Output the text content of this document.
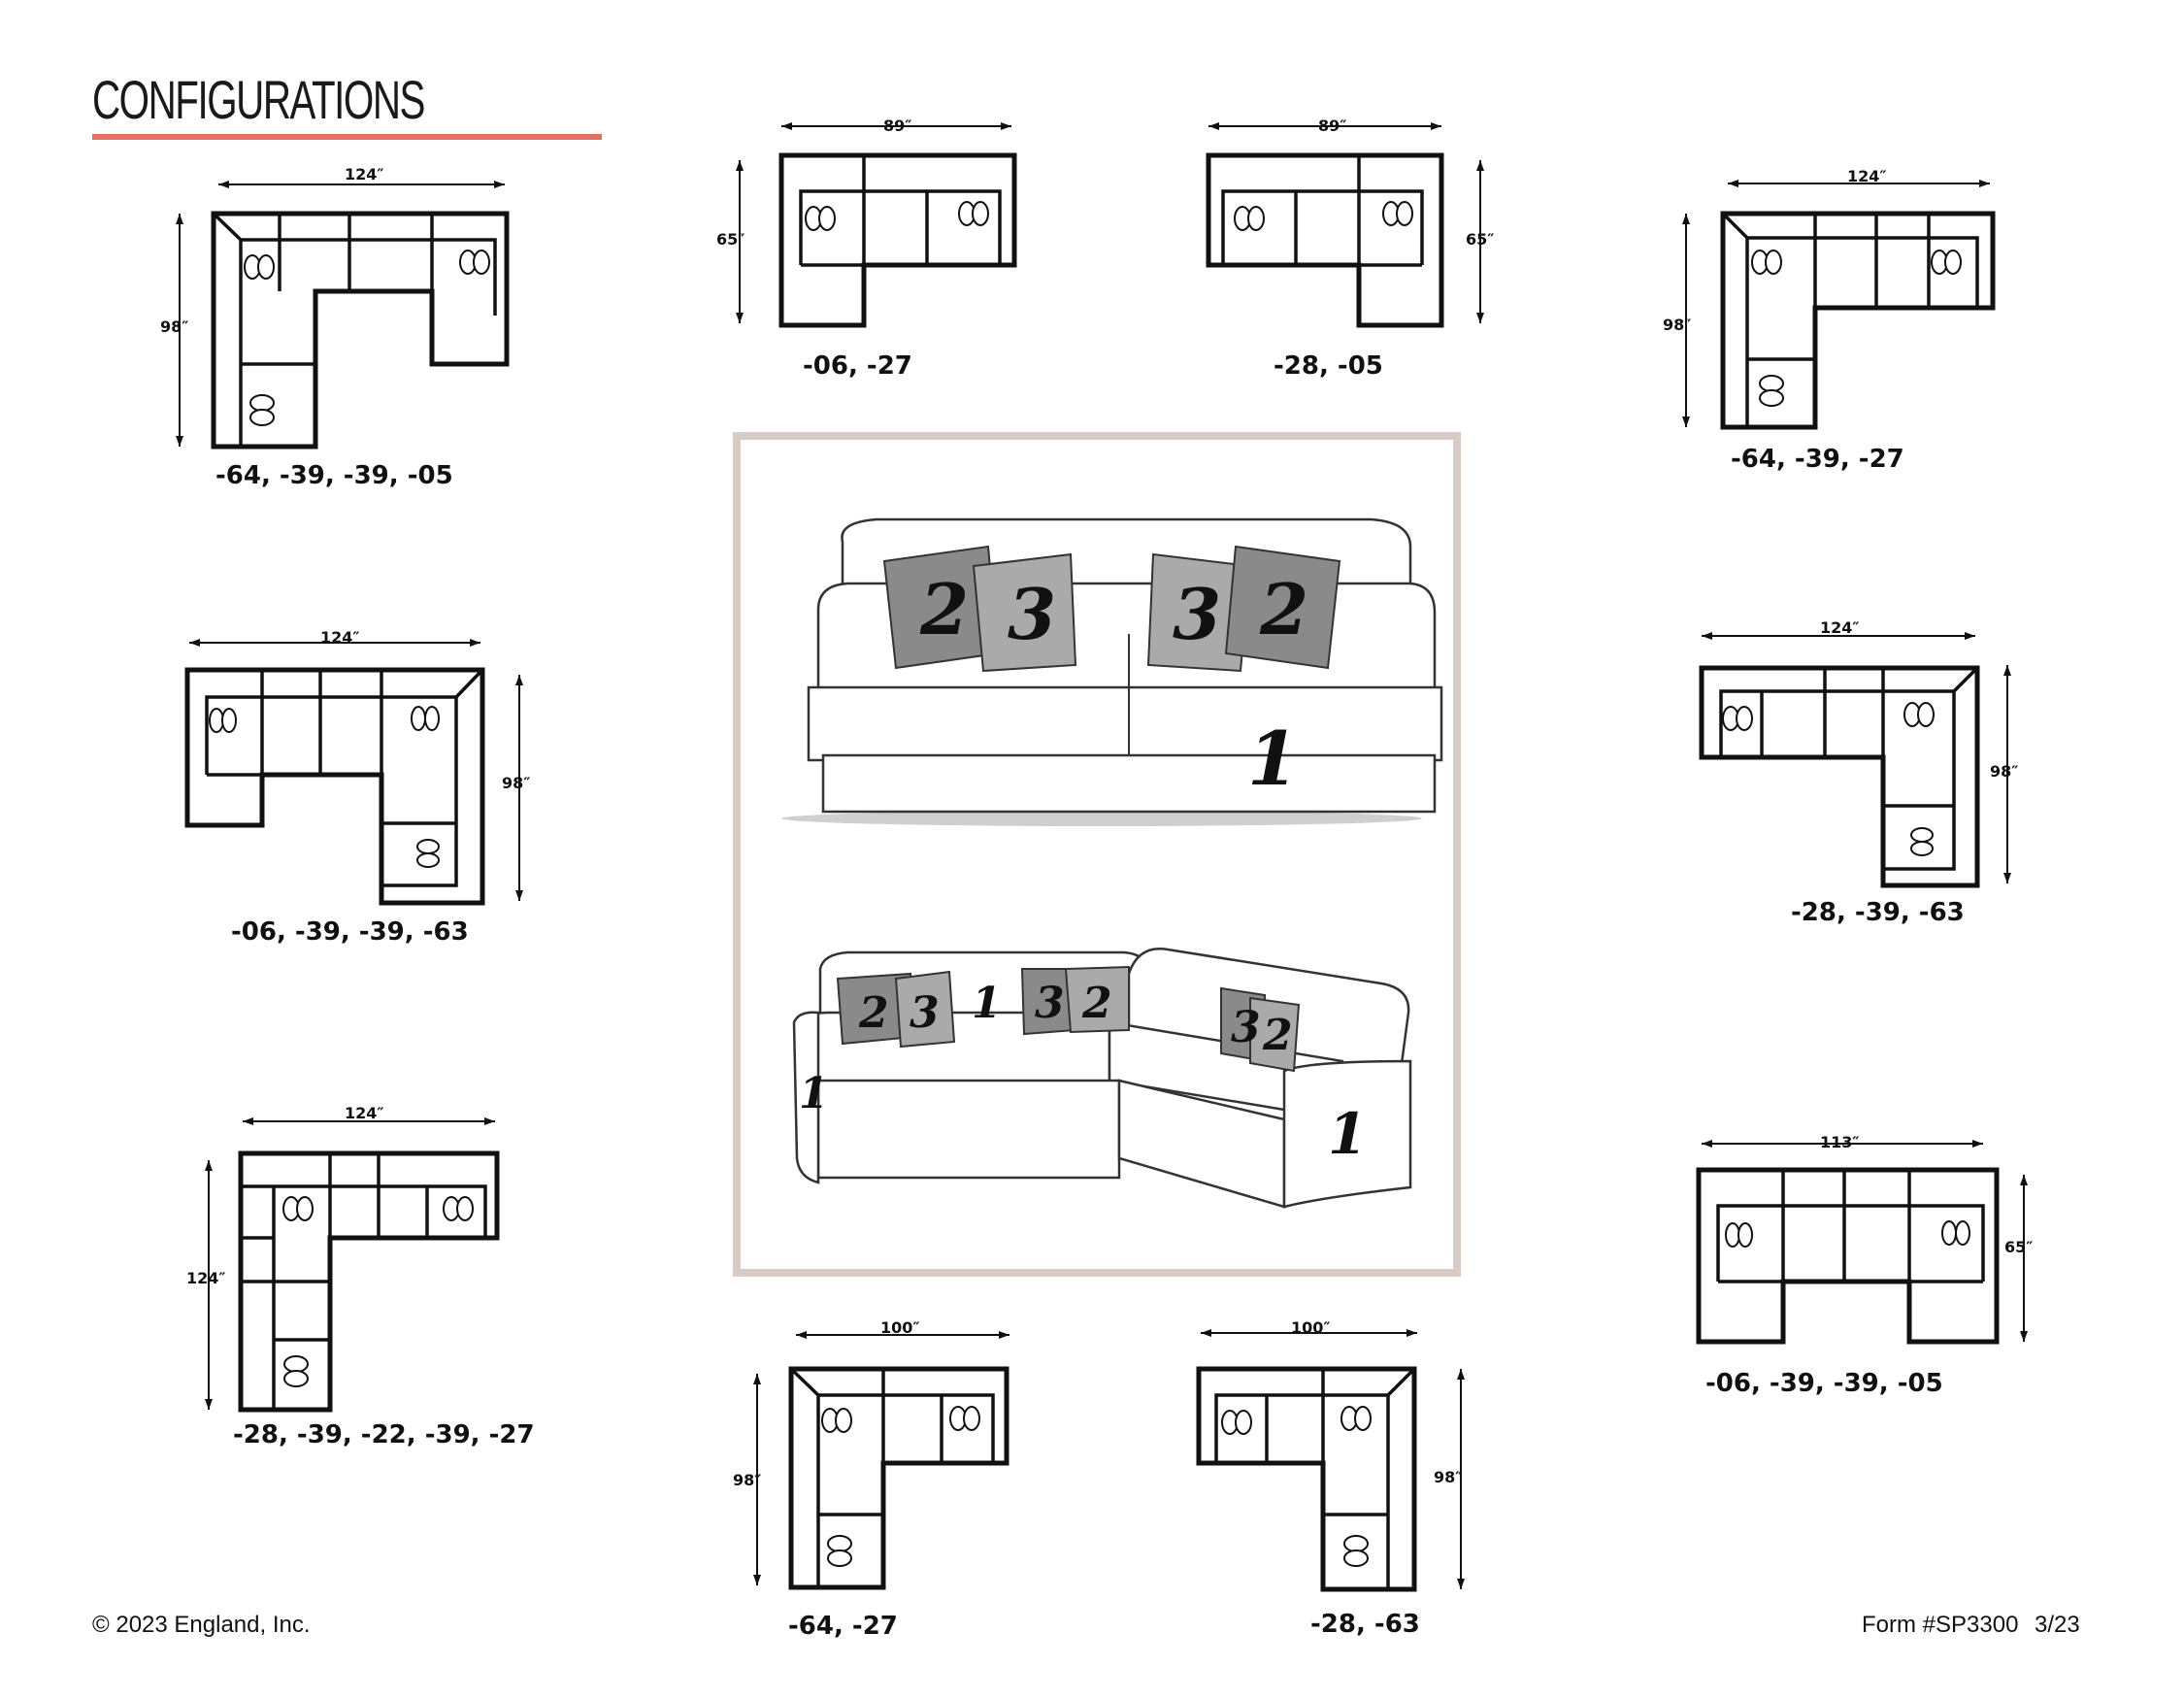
CONFIGURATIONS
124″
98″
-64, -39, -39, -05
89″
65″
-06, -27
89″
65″
-28, -05
124″
98″
-64, -39, -27
124″
98″
-06, -39, -39, -63
124″
98″
-28, -39, -63
124″
124″
-28, -39, -22, -39, -27
113″
65″
-06, -39, -39, -05
100″
98″
-64, -27
100″
98″
-28, -63
2 3 3 2
1
2 3 1 3 2	3 2
1
1
© 2023 England, Inc.	Form #SP3300 3/23
